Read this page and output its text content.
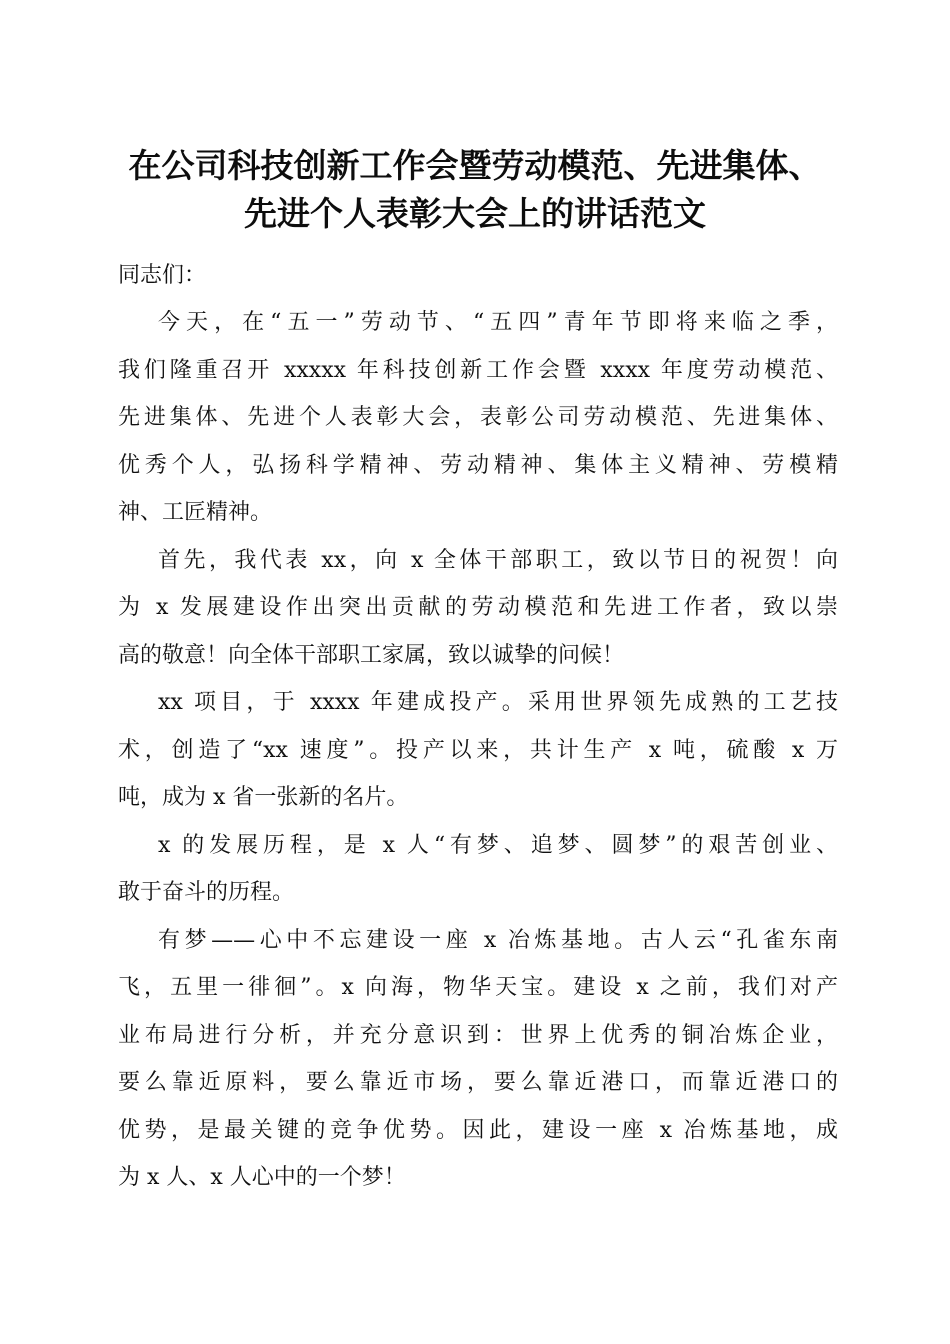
在公司科技创新工作会暨劳动模范、先进集体、
先进个人表彰大会上的讲话范文

同志们：

今天，在“五一”劳动节、“五四”青年节即将来临之季，
我们隆重召开 xxxxx 年科技创新工作会暨 xxxx 年度劳动模范、
先进集体、先进个人表彰大会，表彰公司劳动模范、先进集体、
优秀个人，弘扬科学精神、劳动精神、集体主义精神、劳模精
神、工匠精神。

首先，我代表 xx，向 x 全体干部职工，致以节日的祝贺！向
为 x 发展建设作出突出贡献的劳动模范和先进工作者，致以崇
高的敬意！向全体干部职工家属，致以诚挚的问候！

xx 项目，于 xxxx 年建成投产。采用世界领先成熟的工艺技
术，创造了“xx 速度”。投产以来，共计生产 x 吨，硫酸 x 万
吨，成为 x 省一张新的名片。

x 的发展历程，是 x 人“有梦、追梦、圆梦”的艰苦创业、
敢于奋斗的历程。

有梦——心中不忘建设一座 x 冶炼基地。古人云“孔雀东南
飞，五里一徘徊”。x 向海，物华天宝。建设 x 之前，我们对产
业布局进行分析，并充分意识到：世界上优秀的铜冶炼企业，
要么靠近原料，要么靠近市场，要么靠近港口，而靠近港口的
优势，是最关键的竞争优势。因此，建设一座 x 冶炼基地，成
为 x 人、x 人心中的一个梦！
